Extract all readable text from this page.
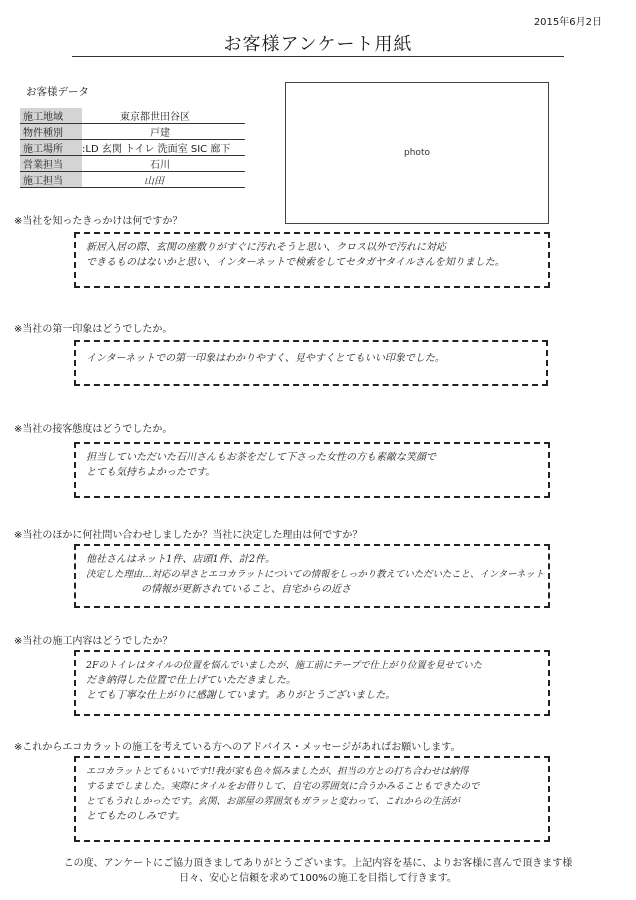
2015年6月2日
お客様アンケート用紙
お客様データ
施工地域	東京都世田谷区
物件種別	戸建
施工場所	:LD 玄関 トイレ 洗面室 SIC 廊下
営業担当	石川
施工担当	山田
photo
※当社を知ったきっかけは何ですか？
新居入居の際、玄関の座敷りがすぐに汚れそうと思い、クロス以外で汚れに対応
できるものはないかと思い、インターネットで検索をしてセタガヤタイルさんを知りました。
※当社の第一印象はどうでしたか。
インターネットでの第一印象はわかりやすく、見やすくとてもいい印象でした。
※当社の接客態度はどうでしたか。
担当していただいた石川さんもお茶をだして下さった女性の方も素敵な笑顔で
とても気持ちよかったです。
※当社のほかに何社問い合わせしましたか？当社に決定した理由は何ですか？
他社さんはネット1件、店頭1件、計2件。
決定した理由…対応の早さとエコカラットについての情報をしっかり教えていただいたこと、インターネット
の情報が更新されていること、自宅からの近さ
※当社の施工内容はどうでしたか？
2Fのトイレはタイルの位置を悩んでいましたが、施工前にテープで仕上がり位置を見せていた
だき納得した位置で仕上げていただきました。
とても丁寧な仕上がりに感謝しています。ありがとうございました。
※これからエコカラットの施工を考えている方へのアドバイス・メッセージがあればお願いします。
エコカラットとてもいいです!!我が家も色々悩みましたが、担当の方との打ち合わせは納得
するまでしました。実際にタイルをお借りして、自宅の雰囲気に合うかみることもできたので
とてもうれしかったです。玄関、お部屋の雰囲気もガラッと変わって、これからの生活が
とてもたのしみです。
この度、アンケートにご協力頂きましてありがとうございます。上記内容を基に、よりお客様に喜んで頂きます様
日々、安心と信頼を求めて100%の施工を目指して行きます。
